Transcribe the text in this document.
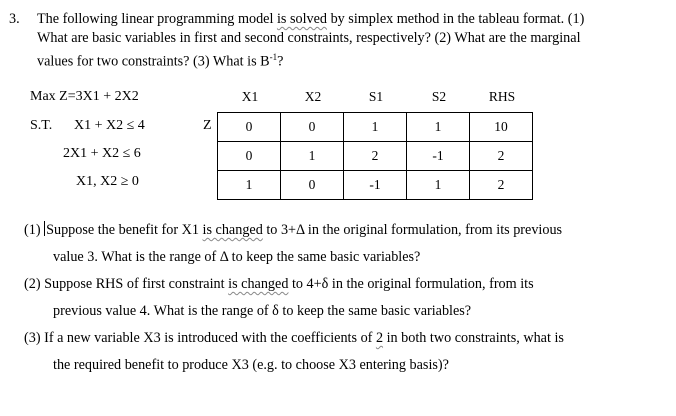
3. The following linear programming model is solved by simplex method in the tableau format. (1)
What are basic variables in first and second constraints, respectively? (2) What are the marginal
values for two constraints? (3) What is $B^{-1}$?
Max Z=3X1 + 2X2
S.T. X1 + X2 ≤ 4
2X1 + X2 ≤ 6
X1, X2 ≥ 0
Z
X1	X2	S1	S2	RHS
0	0	1	1	10
0	1	2	-1	2
1	0	-1	1	2
(1) Suppose the benefit for X1 is changed to 3+Δ in the original formulation, from its previous
value 3. What is the range of Δ to keep the same basic variables?
(2) Suppose RHS of first constraint is changed to 4+δ in the original formulation, from its
previous value 4. What is the range of δ to keep the same basic variables?
(3) If a new variable X3 is introduced with the coefficients of 2 in both two constraints, what is
the required benefit to produce X3 (e.g. to choose X3 entering basis)?
